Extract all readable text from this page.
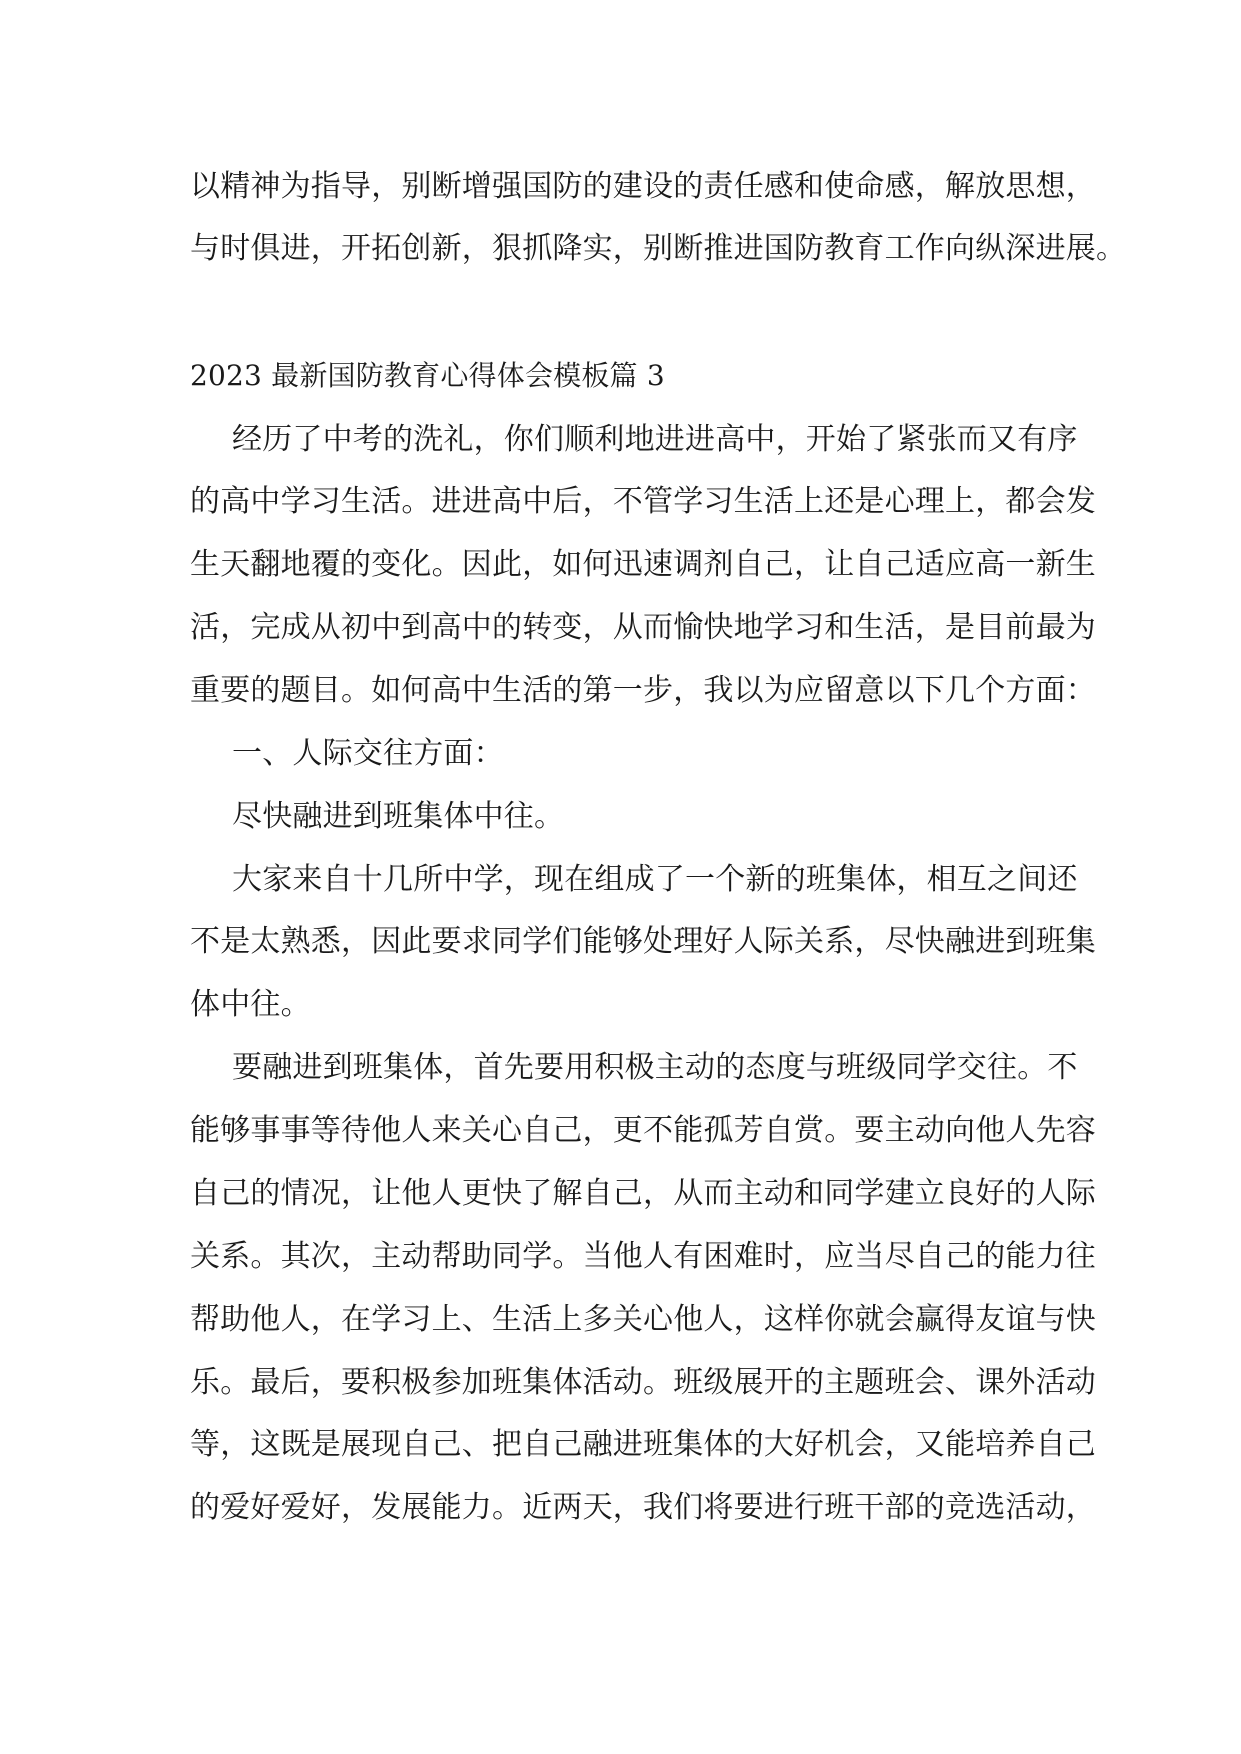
以精神为指导，别断增强国防的建设的责任感和使命感，解放思想，
与时俱进，开拓创新，狠抓降实，别断推进国防教育工作向纵深进展。
2023 最新国防教育心得体会模板篇 3
经历了中考的洗礼，你们顺利地进进高中，开始了紧张而又有序
的高中学习生活。进进高中后，不管学习生活上还是心理上，都会发
生天翻地覆的变化。因此，如何迅速调剂自己，让自己适应高一新生
活，完成从初中到高中的转变，从而愉快地学习和生活，是目前最为
重要的题目。如何高中生活的第一步，我以为应留意以下几个方面：
一、人际交往方面：
尽快融进到班集体中往。
大家来自十几所中学，现在组成了一个新的班集体，相互之间还
不是太熟悉，因此要求同学们能够处理好人际关系，尽快融进到班集
体中往。
要融进到班集体，首先要用积极主动的态度与班级同学交往。不
能够事事等待他人来关心自己，更不能孤芳自赏。要主动向他人先容
自己的情况，让他人更快了解自己，从而主动和同学建立良好的人际
关系。其次，主动帮助同学。当他人有困难时，应当尽自己的能力往
帮助他人，在学习上、生活上多关心他人，这样你就会赢得友谊与快
乐。最后，要积极参加班集体活动。班级展开的主题班会、课外活动
等，这既是展现自己、把自己融进班集体的大好机会，又能培养自己
的爱好爱好，发展能力。近两天，我们将要进行班干部的竞选活动，
